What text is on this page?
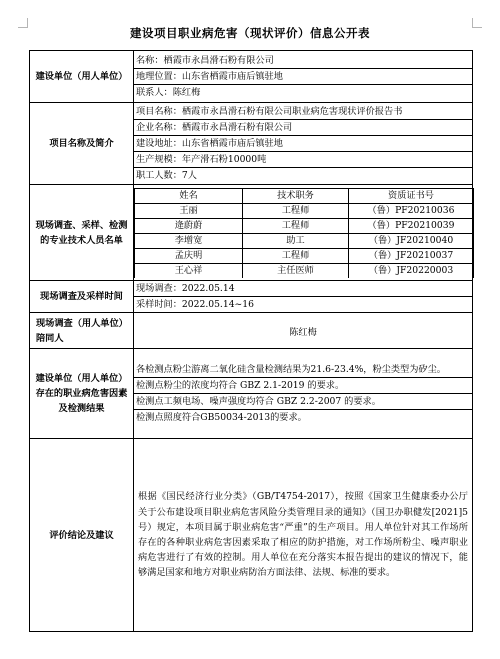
建设项目职业病危害（现状评价）信息公开表
建设单位（用人单位）	
名称：栖霞市永昌滑石粉有限公司
地理位置：山东省栖霞市庙后镇驻地
联系人：陈红梅

项目名称及简介	
项目名称：栖霞市永昌滑石粉有限公司职业病危害现状评价报告书
企业名称：栖霞市永昌滑石粉有限公司
建设地址：山东省栖霞市庙后镇驻地
生产规模：年产滑石粉10000吨
职工人数：7人

现场调查、采样、检测的专业技术人员名单	
姓名	技术职务	资质证书号
王丽	工程师	（鲁）PF20210036
逄蔚蔚	工程师	（鲁）PF20210039
李增宽	助工	（鲁）JF20210040
孟庆明	工程师	（鲁）JF20210037
王心祥	主任医师	（鲁）JF20220003

现场调查及采样时间	
现场调查：2022.05.14
采样时间：2022.05.14~16

现场调查（用人单位）陪同人	陈红梅
建设单位（用人单位）存在的职业病危害因素及检测结果	
各检测点粉尘游离二氧化硅含量检测结果为21.6-23.4%，粉尘类型为矽尘。
检测点粉尘的浓度均符合 GBZ 2.1-2019 的要求。
检测点工频电场、噪声强度均符合 GBZ 2.2-2007 的要求。
检测点照度符合GB50034-2013的要求。

评价结论及建议	
根据《国民经济行业分类》（GB/T4754-2017），按照《国家卫生健康委办公厅关于公布建设项目职业病危害风险分类管理目录的通知》（国卫办职健发[2021]5号）规定，本项目属于职业病危害“严重”的生产项目。用人单位针对其工作场所存在的各种职业病危害因素采取了相应的防护措施，对工作场所粉尘、噪声职业病危害进行了有效的控制。用人单位在充分落实本报告提出的建议的情况下，能够满足国家和地方对职业病防治方面法律、法规、标准的要求。
